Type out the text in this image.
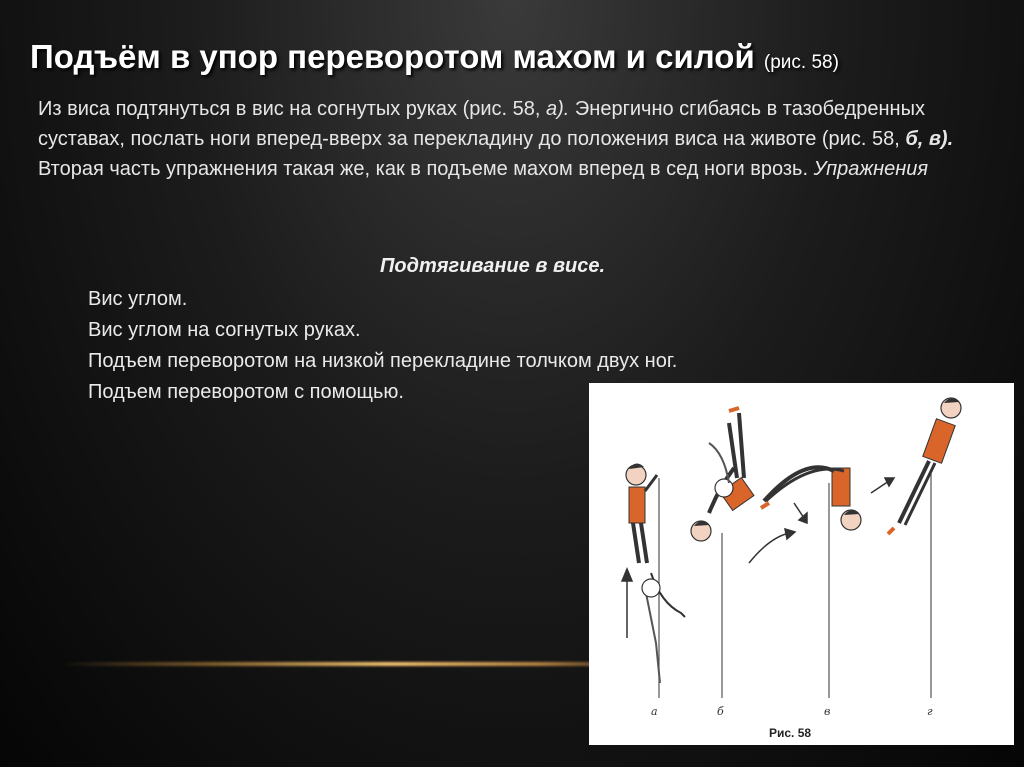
Подъём в упор переворотом махом и силой (рис. 58)
Из виса подтянуться в вис на согнутых руках (рис. 58, а). Энергично сгибаясь в тазобедренных суставах, послать ноги вперед-вверх за перекладину до положения виса на животе (рис. 58, б, в). Вторая часть упражнения такая же, как в подъеме махом вперед в сед ноги врозь. Упражнения
Подтягивание в висе.
Вис углом.
Вис углом на согнутых руках.
Подъем переворотом на низкой перекладине толчком двух ног.
Подъем переворотом с помощью.
а	б	в	г
Рис. 58
